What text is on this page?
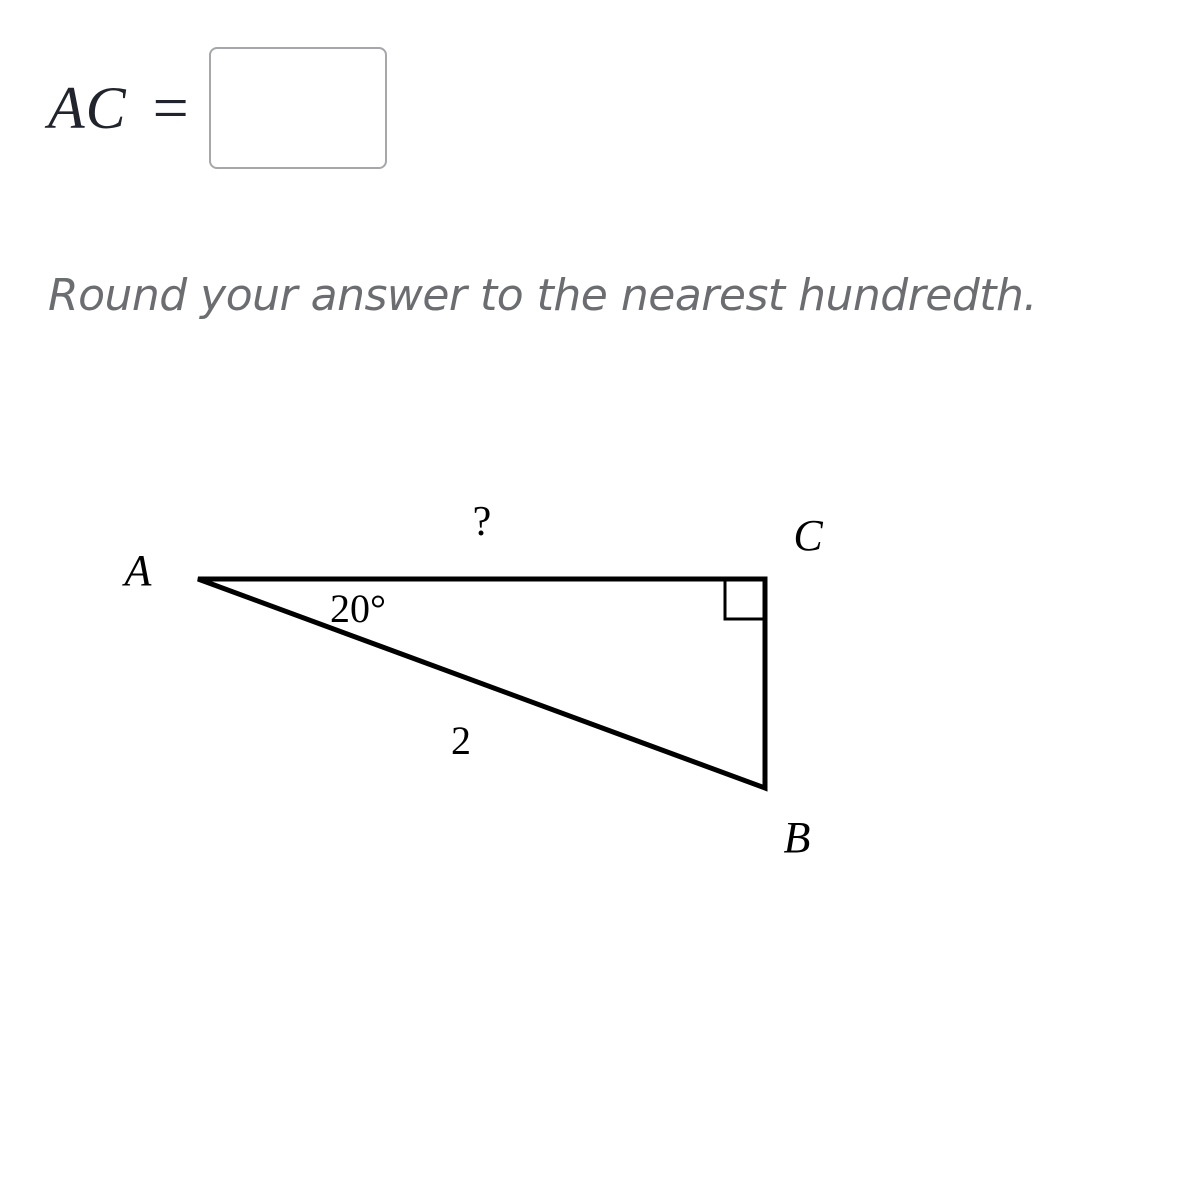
AC =
Round your answer to the nearest hundredth.
A
C
B
?
20°
2
